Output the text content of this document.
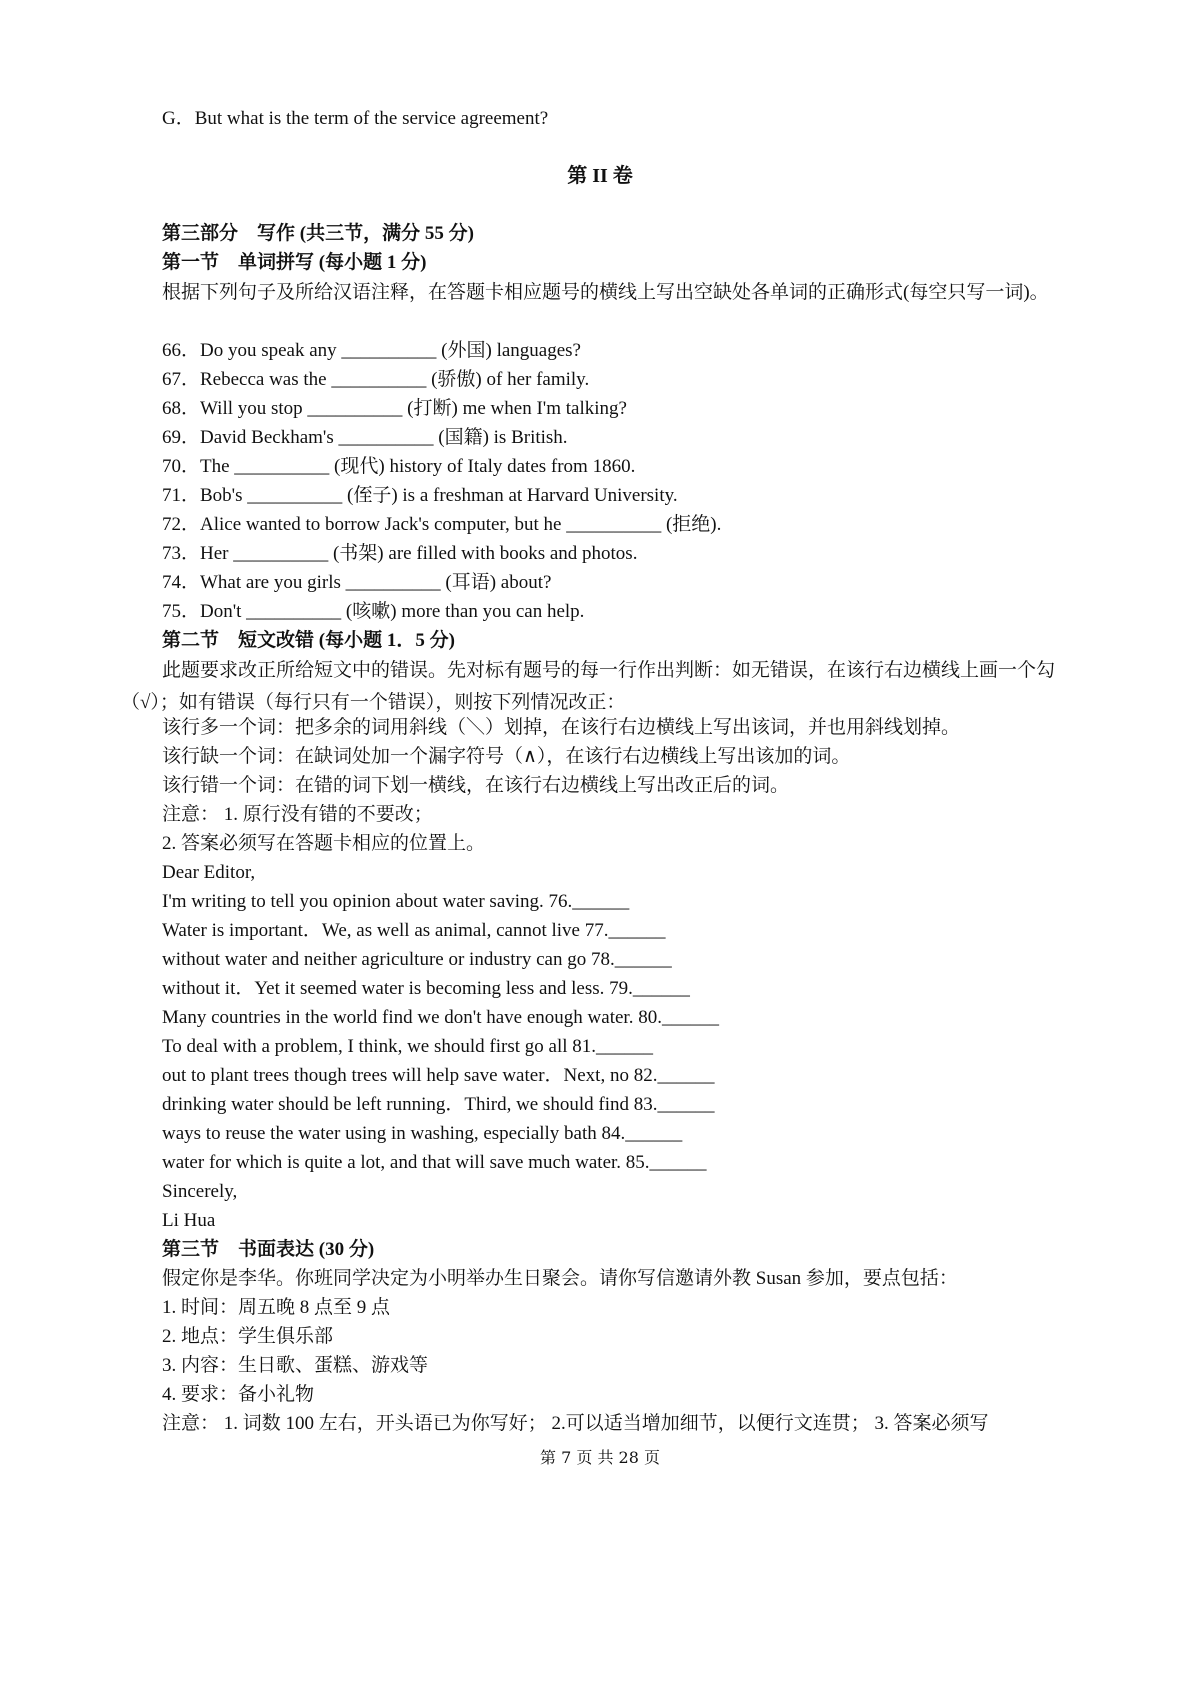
G．But what is the term of the service agreement?
第 II 卷
第三部分　写作 (共三节，满分 55 分)
第一节　单词拼写 (每小题 1 分)
根据下列句子及所给汉语注释，在答题卡相应题号的横线上写出空缺处各单词的正确形式(每空只写一词)。
66．Do you speak any __________ (外国) languages?
67．Rebecca was the __________ (骄傲) of her family.
68．Will you stop __________ (打断) me when I'm talking?
69．David Beckham's __________ (国籍) is British.
70．The __________ (现代) history of Italy dates from 1860.
71．Bob's __________ (侄子) is a freshman at Harvard University.
72．Alice wanted to borrow Jack's computer, but he __________ (拒绝).
73．Her __________ (书架) are filled with books and photos.
74．What are you girls __________ (耳语) about?
75．Don't __________ (咳嗽) more than you can help.
第二节　短文改错 (每小题 1．5 分)
此题要求改正所给短文中的错误。先对标有题号的每一行作出判断：如无错误，在该行右边横线上画一个勾（√）；如有错误（每行只有一个错误），则按下列情况改正：
该行多一个词：把多余的词用斜线（＼）划掉，在该行右边横线上写出该词，并也用斜线划掉。
该行缺一个词：在缺词处加一个漏字符号（∧），在该行右边横线上写出该加的词。
该行错一个词：在错的词下划一横线，在该行右边横线上写出改正后的词。
注意： 1. 原行没有错的不要改；
2. 答案必须写在答题卡相应的位置上。
Dear Editor,
I'm writing to tell you opinion about water saving. 76.______
Water is important．We, as well as animal, cannot live 77.______
without water and neither agriculture or industry can go 78.______
without it．Yet it seemed water is becoming less and less. 79.______
Many countries in the world find we don't have enough water. 80.______
To deal with a problem, I think, we should first go all 81.______
out to plant trees though trees will help save water．Next, no 82.______
drinking water should be left running．Third, we should find 83.______
ways to reuse the water using in washing, especially bath 84.______
water for which is quite a lot, and that will save much water. 85.______
Sincerely,
Li Hua
第三节　书面表达 (30 分)
假定你是李华。你班同学决定为小明举办生日聚会。请你写信邀请外教 Susan 参加，要点包括：
1. 时间：周五晚 8 点至 9 点
2. 地点：学生俱乐部
3. 内容：生日歌、蛋糕、游戏等
4. 要求：备小礼物
注意： 1. 词数 100 左右，开头语已为你写好； 2.可以适当增加细节，以便行文连贯； 3. 答案必须写
第 7 页 共 28 页
